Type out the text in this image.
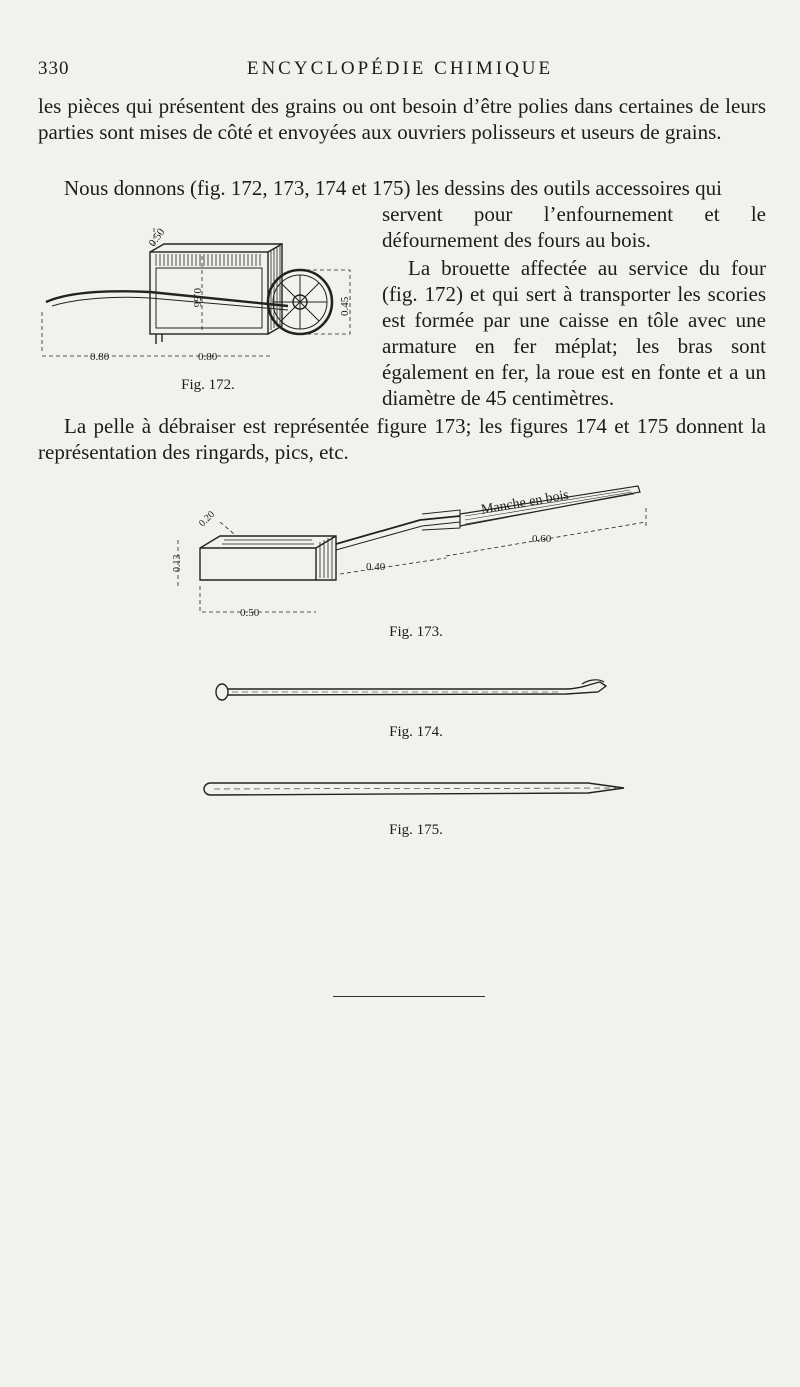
330	ENCYCLOPÉDIE CHIMIQUE
les pièces qui présentent des grains ou ont besoin d’être polies dans certaines de leurs parties sont mises de côté et envoyées aux ouvriers polisseurs et useurs de grains.
Nous donnons (fig. 172, 173, 174 et 175) les dessins des outils accessoires qui
servent pour l’enfournement et le défournement des fours au bois.
La brouette affectée au service du four (fig. 172) et qui sert à transporter les scories est formée par une caisse en tôle avec une armature en fer méplat; les bras sont également en fer, la roue est en fonte et a un diamètre de 45 centimètres.
0.50
0.56	0.45
0.80	0.80
Fig. 172.
La pelle à débraiser est représentée figure 173; les figures 174 et 175 donnent la représentation des ringards, pics, etc.
Manche en bois
0.20
0.13
0.50
0.40
0.60
Fig. 173.
Fig. 174.
Fig. 175.
